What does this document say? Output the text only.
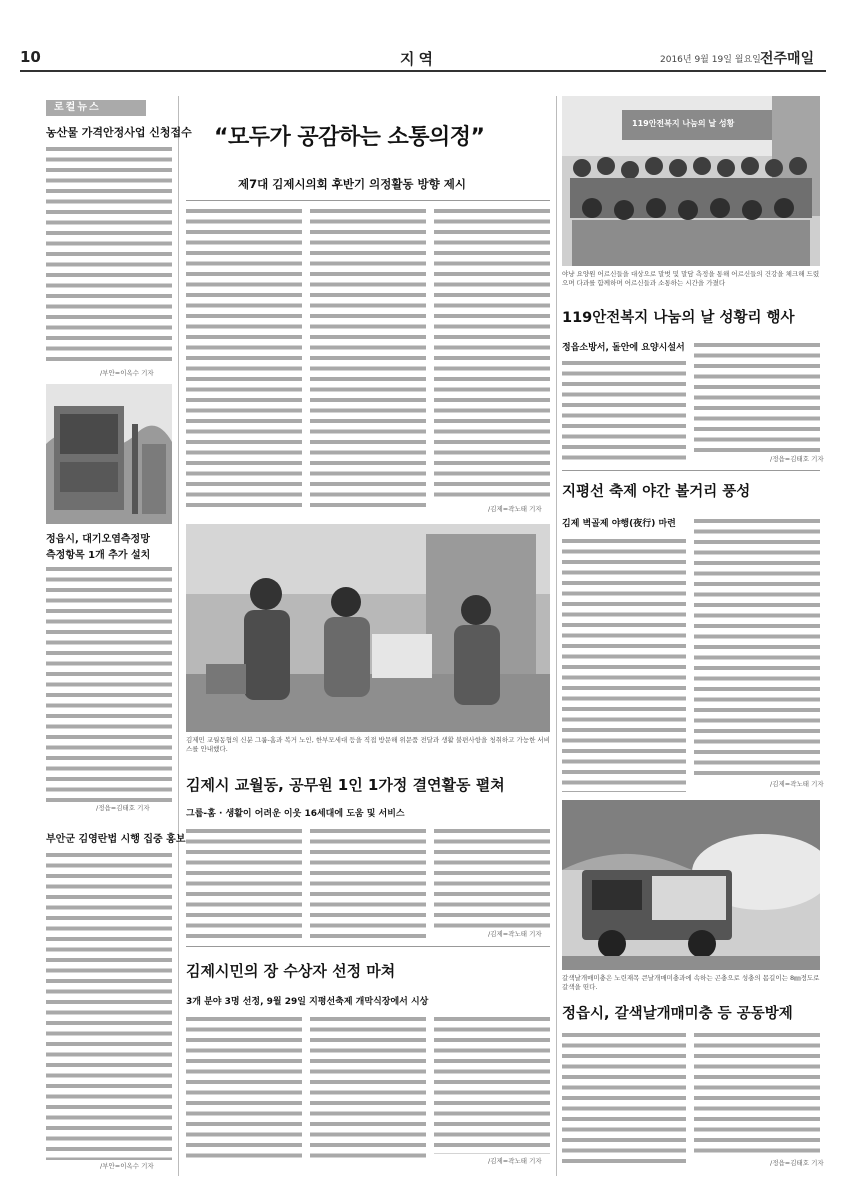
10	지역	2016년 9월 19일 월요일 전주매일
로컬뉴스
농산물 가격안정사업 신청접수
/부안=이옥수 기자
정읍시, 대기오염측정망
측정항목 1개 추가 설치
/정읍=김태호 기자
부안군 김영란법 시행 집중 홍보
/부안=이옥수 기자
“모두가 공감하는 소통의정”
제7대 김제시의회 후반기 의정활동 방향 제시
/김제=곽노태 기자
김제민 교월동협의 신분 그룹-홈과 복거 노인, 한부모세대 등을 직접 방문해 위문품 전달과 생활 불편사항을 청취하고 가능한 서비스를 안내했다.
김제시 교월동, 공무원 1인 1가정 결연활동 펼쳐
그룹-홈 · 생활이 어려운 이웃 16세대에 도움 및 서비스
/김제=곽노태 기자
김제시민의 장 수상자 선정 마쳐
3개 분야 3명 선정, 9월 29일 지평선축제 개막식장에서 시상
/김제=곽노태 기자
119안전복지 나눔의 날 성황
야냥 요양원 어르신들을 대상으로 말벗 및 말담 측정을 통해 어르신들의 건강을 체크해 드렸으며 다과를 함께하며 어르신들과 소통하는 시간을 가졌다
119안전복지 나눔의 날 성황리 행사
정읍소방서, 돌안에 요양시설서
/정읍=김태호 기자
지평선 축제 야간 볼거리 풍성
김제 벽골제 야행(夜行) 마련
/김제=곽노태 기자
갈색날개매미충은 노린재목 큰날개매미충과에 속하는 곤충으로 성충의 몸길이는 8㎜정도로 갈색을 띤다.
정읍시, 갈색날개매미충 등 공동방제
/정읍=김태호 기자
